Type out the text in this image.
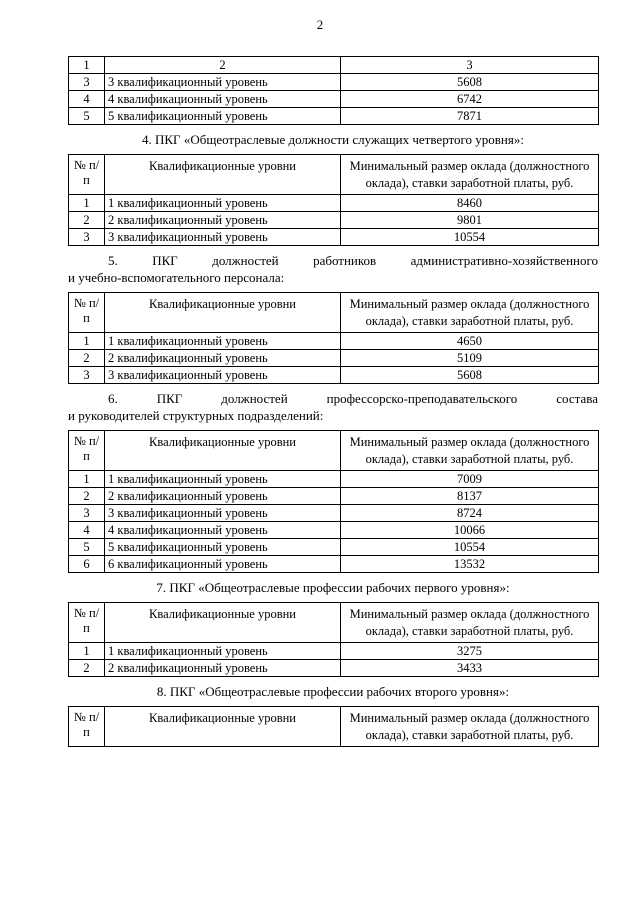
2
1	2	3
3	3 квалификационный уровень	5608
4	4 квалификационный уровень	6742
5	5 квалификационный уровень	7871
4. ПКГ «Общеотраслевые должности служащих четвертого уровня»:
№ п/п	Квалификационные уровни	Минимальный размер оклада (должностного оклада), ставки заработной платы, руб.
1	1 квалификационный уровень	8460
2	2 квалификационный уровень	9801
3	3 квалификационный уровень	10554
5. ПКГ должностей работников административно-хозяйственного
и учебно-вспомогательного персонала:
№ п/п	Квалификационные уровни	Минимальный размер оклада (должностного оклада), ставки заработной платы, руб.
1	1 квалификационный уровень	4650
2	2 квалификационный уровень	5109
3	3 квалификационный уровень	5608
6. ПКГ должностей профессорско-преподавательского состава
и руководителей структурных подразделений:
№ п/п	Квалификационные уровни	Минимальный размер оклада (должностного оклада), ставки заработной платы, руб.
1	1 квалификационный уровень	7009
2	2 квалификационный уровень	8137
3	3 квалификационный уровень	8724
4	4 квалификационный уровень	10066
5	5 квалификационный уровень	10554
6	6 квалификационный уровень	13532
7. ПКГ «Общеотраслевые профессии рабочих первого уровня»:
№ п/п	Квалификационные уровни	Минимальный размер оклада (должностного оклада), ставки заработной платы, руб.
1	1 квалификационный уровень	3275
2	2 квалификационный уровень	3433
8. ПКГ «Общеотраслевые профессии рабочих второго уровня»:
№ п/п	Квалификационные уровни	Минимальный размер оклада (должностного оклада), ставки заработной платы, руб.
